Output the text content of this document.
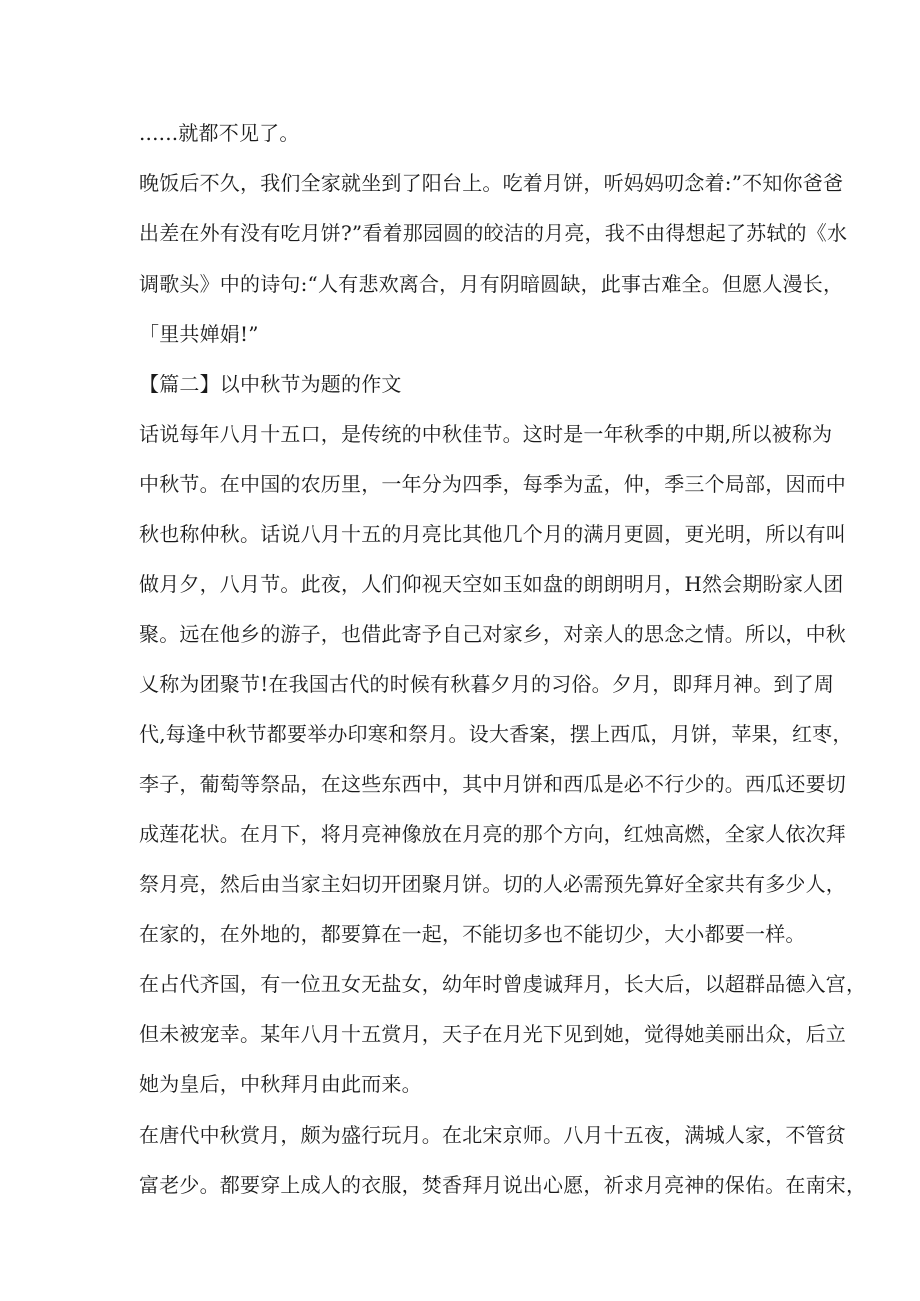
......就都不见了。
晚饭后不久，我们全家就坐到了阳台上。吃着月饼，听妈妈叨念着:”不知你爸爸
出差在外有没有吃月饼?”看着那园圆的皎洁的月亮，我不由得想起了苏轼的《水
调歌头》中的诗句:“人有悲欢离合，月有阴暗圆缺，此事古难全。但愿人漫长，
「里共婵娟!”
【篇二】以中秋节为题的作文
话说每年八月十五口，是传统的中秋佳节。这时是一年秋季的中期,所以被称为
中秋节。在中国的农历里，一年分为四季，每季为孟，仲，季三个局部，因而中
秋也称仲秋。话说八月十五的月亮比其他几个月的满月更圆，更光明，所以有叫
做月夕，八月节。此夜，人们仰视天空如玉如盘的朗朗明月，H然会期盼家人团
聚。远在他乡的游子，也借此寄予自己对家乡，对亲人的思念之情。所以，中秋
乂称为团聚节!在我国古代的时候有秋暮夕月的习俗。夕月，即拜月神。到了周
代,每逢中秋节都要举办印寒和祭月。设大香案，摆上西瓜，月饼，苹果，红枣，
李子，葡萄等祭品，在这些东西中，其中月饼和西瓜是必不行少的。西瓜还要切
成莲花状。在月下，将月亮神像放在月亮的那个方向，红烛高燃，全家人依次拜
祭月亮，然后由当家主妇切开团聚月饼。切的人必需预先算好全家共有多少人，
在家的，在外地的，都要算在一起，不能切多也不能切少，大小都要一样。
在占代齐国，有一位丑女无盐女，幼年时曾虔诚拜月，长大后，以超群品德入宫，
但未被宠幸。某年八月十五赏月，天子在月光下见到她，觉得她美丽出众，后立
她为皇后，中秋拜月由此而来。
在唐代中秋赏月，颇为盛行玩月。在北宋京师。八月十五夜，满城人家，不管贫
富老少。都要穿上成人的衣服，焚香拜月说出心愿，祈求月亮神的保佑。在南宋，
